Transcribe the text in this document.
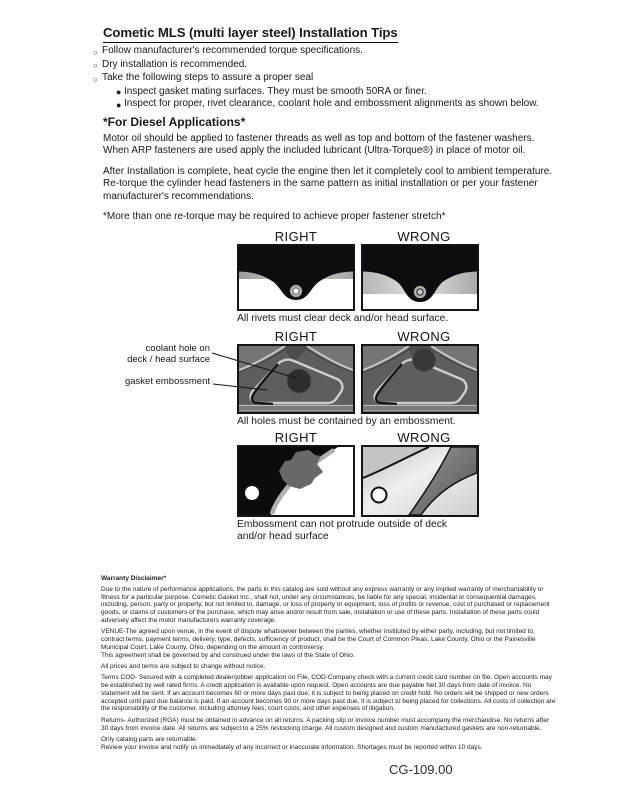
Cometic MLS (multi layer steel) Installation Tips
○ Follow manufacturer's recommended torque specifications.
○ Dry installation is recommended.
○ Take the following steps to assure a proper seal
● Inspect gasket mating surfaces. They must be smooth 50RA or finer.
● Inspect for proper, rivet clearance, coolant hole and embossment alignments as shown below.
*For Diesel Applications*

Motor oil should be applied to fastener threads as well as top and bottom of the fastener washers. When ARP fasteners are used apply the included lubricant (Ultra-Torque®) in place of motor oil.

After Installation is complete, heat cycle the engine then let it completely cool to ambient temperature. Re-torque the cylinder head fasteners in the same pattern as initial installation or per your fastener manufacturer's recommendations.

*More than one re-torque may be required to achieve proper fastener stretch*

RIGHT	WRONG
All rivets must clear deck and/or head surface.
RIGHT	WRONG
All holes must be contained by an embossment.
coolant hole on
deck / head surface
gasket embossment
RIGHT	WRONG
Embossment can not protrude outside of deck
and/or head surface

Warranty Disclaimer*

Due to the nature of performance applications, the parts in this catalog are sold without any express warranty or any implied warranty of merchantability or fitness for a particular purpose. Cometic Gasket Inc., shall not, under any circumstances, be liable for any special, incidental or consequential damages, including, person, party or property, but not limited to, damage, or loss of property or equipment, loss of profits or revenue, cost of purchased or replacement goods, or claims of customers of the purchase, which may arise and/or result from sale, installation or use of these parts. Installation of these parts could adversely affect the motor manufacturers warranty coverage.

VENUE-The agreed upon venue, in the event of dispute whatsoever between the parties, whether instituted by either party, including, but not limited to, contract terms, payment terms, delivery, type, defects, sufficiency of product, shall be the Court of Common Pleas, Lake County, Ohio or the Painesville Municipal Court, Lake County, Ohio, depending on the amount in controversy.

This agreement shall be governed by and construed under the laws of the State of Ohio.

All prices and terms are subject to change without notice.

Terms COD- Secured with a completed dealer/jobber application on File, COD-Company check with a current credit card number on file. Open accounts may be established by well rated firms. A credit application is available upon request. Open accounts are due payable Net 30 days from date of invoice. No statement will be sent. If an account becomes 60 or more days past due, it is subject to being placed on credit hold. No orders will be shipped or new orders accepted until past due balance is paid. If an account becomes 90 or more days past due, it is subject to being placed for collections. All costs of collection are the responsibility of the customer, including attorney fees, court costs, and other expenses of litigation.

Returns- Authorized (RGA) must be obtained in advance on all returns. A packing slip or invoice number must accompany the merchandise. No returns after 30 days from invoice date. All returns are subject to a 25% restocking charge. All custom designed and custom manufactured gaskets are non-returnable.

Only catalog parts are returnable.

Review your invoice and notify us immediately of any incorrect or inaccurate information. Shortages must be reported within 10 days.

CG-109.00
